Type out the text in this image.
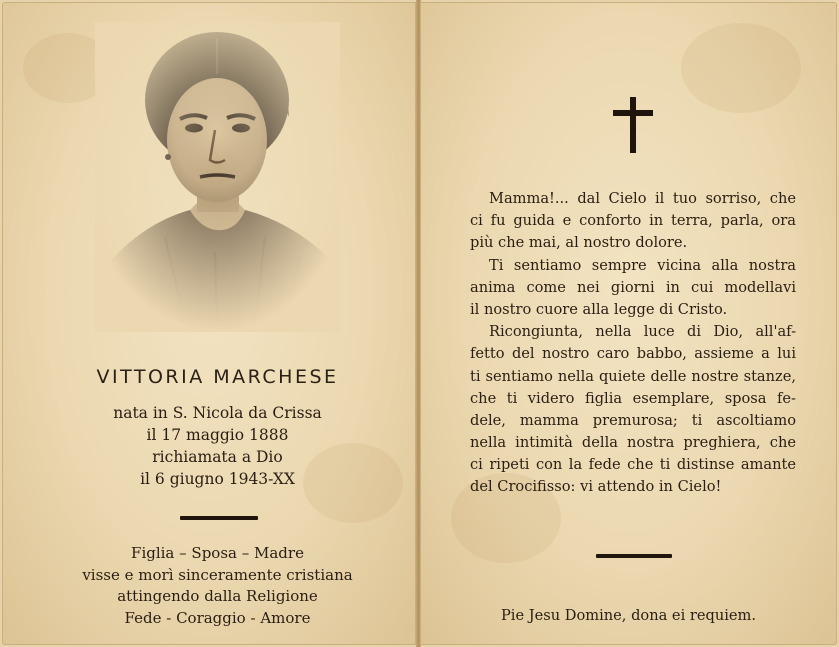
VITTORIA MARCHESE
nata in S. Nicola da Crissa
il 17 maggio 1888
richiamata a Dio
il 6 giugno 1943-XX
Figlia – Sposa – Madre
visse e morì sinceramente cristiana
attingendo dalla Religione
Fede - Coraggio - Amore
Mamma!... dal Cielo il tuo sorriso, che
ci fu guida e conforto in terra, parla, ora
più che mai, al nostro dolore.
Ti sentiamo sempre vicina alla nostra
anima come nei giorni in cui modellavi
il nostro cuore alla legge di Cristo.
Ricongiunta, nella luce di Dio, all'af-
fetto del nostro caro babbo, assieme a lui
ti sentiamo nella quiete delle nostre stanze,
che ti videro figlia esemplare, sposa fe-
dele, mamma premurosa; ti ascoltiamo
nella intimità della nostra preghiera, che
ci ripeti con la fede che ti distinse amante
del Crocifisso: vi attendo in Cielo!
Pie Jesu Domine, dona ei requiem.
